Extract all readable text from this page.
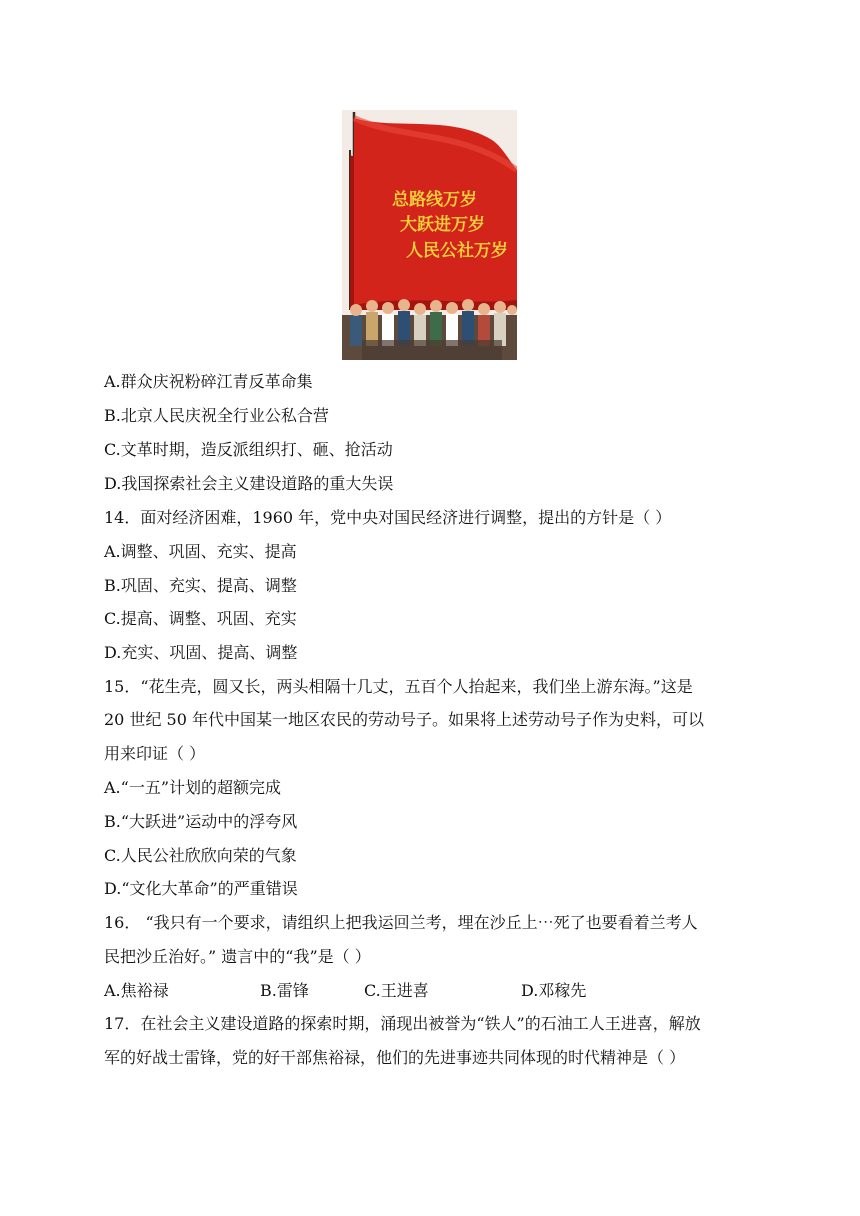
总路线万岁
大跃进万岁
人民公社万岁
A.群众庆祝粉碎江青反革命集
B.北京人民庆祝全行业公私合营
C.文革时期，造反派组织打、砸、抢活动
D.我国探索社会主义建设道路的重大失误
14．面对经济困难，1960 年，党中央对国民经济进行调整，提出的方针是（ ）
A.调整、巩固、充实、提高
B.巩固、充实、提高、调整
C.提高、调整、巩固、充实
D.充实、巩固、提高、调整
15．“花生壳，圆又长，两头相隔十几丈，五百个人抬起来，我们坐上游东海。”这是
20 世纪 50 年代中国某一地区农民的劳动号子。如果将上述劳动号子作为史料，可以
用来印证（ ）
A.“一五”计划的超额完成
B.“大跃进”运动中的浮夸风
C.人民公社欣欣向荣的气象
D.“文化大革命”的严重错误
16． “我只有一个要求，请组织上把我运回兰考，埋在沙丘上⋯死了也要看着兰考人
民把沙丘治好。” 遗言中的“我”是（ ）
A.焦裕禄	B.雷锋	C.王进喜	D.邓稼先
17．在社会主义建设道路的探索时期，涌现出被誉为“铁人”的石油工人王进喜，解放
军的好战士雷锋，党的好干部焦裕禄，他们的先进事迹共同体现的时代精神是（ ）
